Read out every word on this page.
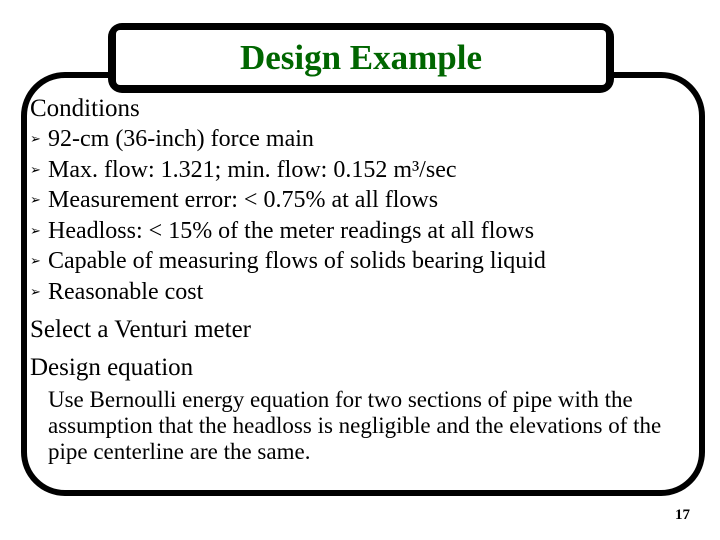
Design Example
Conditions
➢ 92-cm (36-inch) force main
➢ Max. flow: 1.321; min. flow: 0.152 m³/sec
➢ Measurement error: < 0.75% at all flows
➢ Headloss: < 15% of the meter readings at all flows
➢ Capable of measuring flows of solids bearing liquid
➢ Reasonable cost
Select a Venturi meter
Design equation
Use Bernoulli energy equation for two sections of pipe with the assumption that the headloss is negligible and the elevations of the pipe centerline are the same.
17
